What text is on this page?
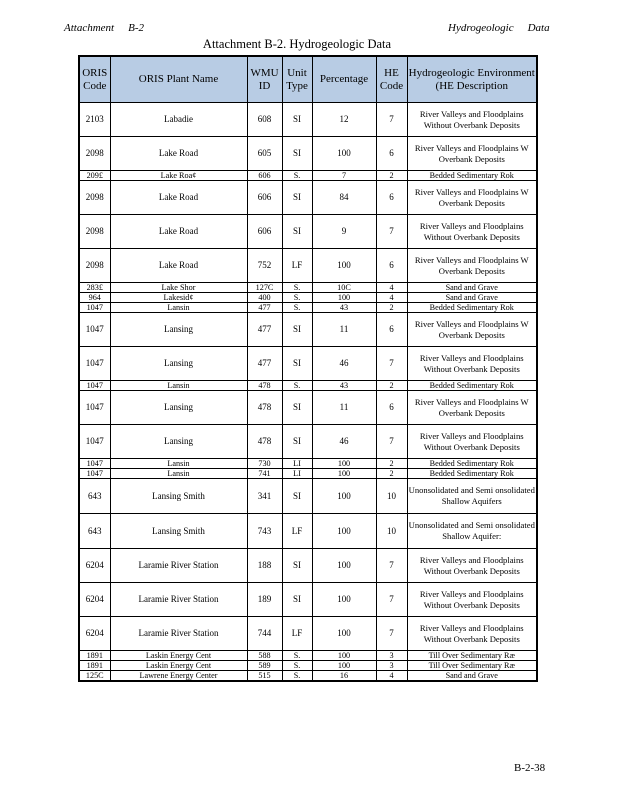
Attachment B-2	Hydrogeologic Data
Attachment B-2. Hydrogeologic Data
ORIS Code	ORIS Plant Name	WMU ID	Unit Type	Percentage	HE Code	Hydrogeologic Environment (HE Description
2103	Labadie	608	SI	12	7	River Valleys and Floodplains Without Overbank Deposits
2098	Lake Road	605	SI	100	6	River Valleys and Floodplains W Overbank Deposits
209£	Lake Roa¢	606	S.	7	2	Bedded Sedimentary Rok
2098	Lake Road	606	SI	84	6	River Valleys and Floodplains W Overbank Deposits
2098	Lake Road	606	SI	9	7	River Valleys and Floodplains Without Overbank Deposits
2098	Lake Road	752	LF	100	6	River Valleys and Floodplains W Overbank Deposits
283£	Lake Shor	127C	S.	10C	4	Sand and Grave
964	Lakesid¢	400	S.	100	4	Sand and Grave
1047	Lansin	477	S.	43	2	Bedded Sedimentary Rok
1047	Lansing	477	SI	11	6	River Valleys and Floodplains W Overbank Deposits
1047	Lansing	477	SI	46	7	River Valleys and Floodplains Without Overbank Deposits
1047	Lansin	478	S.	43	2	Bedded Sedimentary Rok
1047	Lansing	478	SI	11	6	River Valleys and Floodplains W Overbank Deposits
1047	Lansing	478	SI	46	7	River Valleys and Floodplains Without Overbank Deposits
1047	Lansin	730	LI	100	2	Bedded Sedimentary Rok
1047	Lansin	741	LI	100	2	Bedded Sedimentary Rok
643	Lansing Smith	341	SI	100	10	Unonsolidated and Semi onsolidated Shallow Aquifers
643	Lansing Smith	743	LF	100	10	Unonsolidated and Semi onsolidated Shallow Aquifer:
6204	Laramie River Station	188	SI	100	7	River Valleys and Floodplains Without Overbank Deposits
6204	Laramie River Station	189	SI	100	7	River Valleys and Floodplains Without Overbank Deposits
6204	Laramie River Station	744	LF	100	7	River Valleys and Floodplains Without Overbank Deposits
1891	Laskin Energy Cent	588	S.	100	3	Till Over Sedimentary Ræ
1891	Laskin Energy Cent	589	S.	100	3	Till Over Sedimentary Ræ
125C	Lawrene Energy Center	515	S.	16	4	Sand and Grave
B-2-38
